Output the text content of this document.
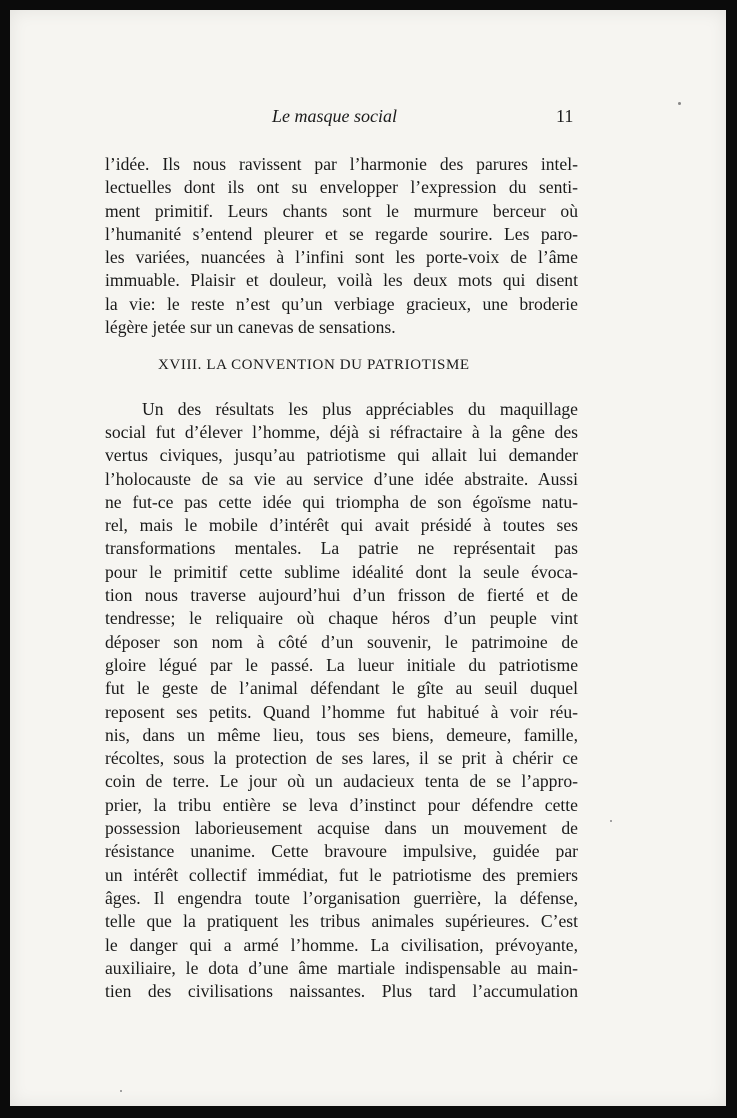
Le masque social	11
l’idée. Ils nous ravissent par l’harmonie des parures intel-
lectuelles dont ils ont su envelopper l’expression du senti-
ment primitif. Leurs chants sont le murmure berceur où
l’humanité s’entend pleurer et se regarde sourire. Les paro-
les variées, nuancées à l’infini sont les porte-voix de l’âme
immuable. Plaisir et douleur, voilà les deux mots qui disent
la vie: le reste n’est qu’un verbiage gracieux, une broderie
légère jetée sur un canevas de sensations.
XVIII. LA CONVENTION DU PATRIOTISME
Un des résultats les plus appréciables du maquillage
social fut d’élever l’homme, déjà si réfractaire à la gêne des
vertus civiques, jusqu’au patriotisme qui allait lui demander
l’holocauste de sa vie au service d’une idée abstraite. Aussi
ne fut-ce pas cette idée qui triompha de son égoïsme natu-
rel, mais le mobile d’intérêt qui avait présidé à toutes ses
transformations mentales. La patrie ne représentait pas
pour le primitif cette sublime idéalité dont la seule évoca-
tion nous traverse aujourd’hui d’un frisson de fierté et de
tendresse; le reliquaire où chaque héros d’un peuple vint
déposer son nom à côté d’un souvenir, le patrimoine de
gloire légué par le passé. La lueur initiale du patriotisme
fut le geste de l’animal défendant le gîte au seuil duquel
reposent ses petits. Quand l’homme fut habitué à voir réu-
nis, dans un même lieu, tous ses biens, demeure, famille,
récoltes, sous la protection de ses lares, il se prit à chérir ce
coin de terre. Le jour où un audacieux tenta de se l’appro-
prier, la tribu entière se leva d’instinct pour défendre cette
possession laborieusement acquise dans un mouvement de
résistance unanime. Cette bravoure impulsive, guidée par
un intérêt collectif immédiat, fut le patriotisme des premiers
âges. Il engendra toute l’organisation guerrière, la défense,
telle que la pratiquent les tribus animales supérieures. C’est
le danger qui a armé l’homme. La civilisation, prévoyante,
auxiliaire, le dota d’une âme martiale indispensable au main-
tien des civilisations naissantes. Plus tard l’accumulation
